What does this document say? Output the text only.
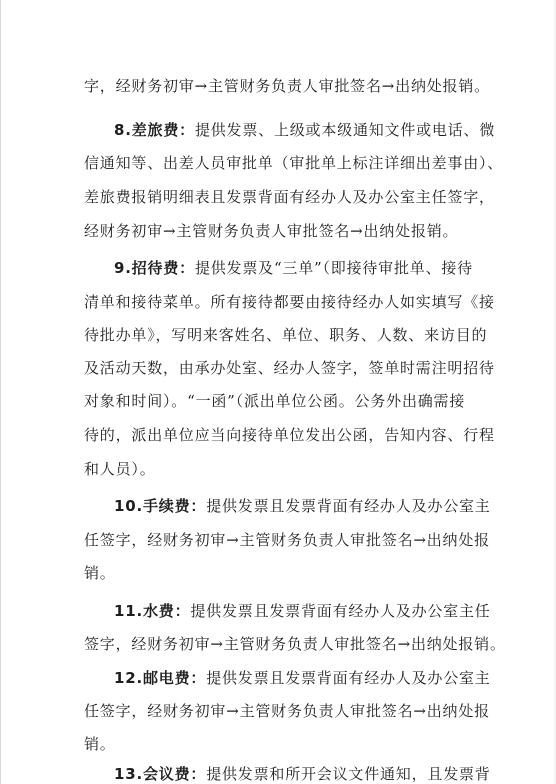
字，经财务初审→主管财务负责人审批签名→出纳处报销。
8.差旅费：提供发票、上级或本级通知文件或电话、微
信通知等、出差人员审批单（审批单上标注详细出差事由）、
差旅费报销明细表且发票背面有经办人及办公室主任签字，
经财务初审→主管财务负责人审批签名→出纳处报销。
9.招待费：提供发票及“三单”（即接待审批单、接待
清单和接待菜单。所有接待都要由接待经办人如实填写《接
待批办单》，写明来客姓名、单位、职务、人数、来访目的
及活动天数，由承办处室、经办人签字，签单时需注明招待
对象和时间）。“一函”（派出单位公函。公务外出确需接
待的，派出单位应当向接待单位发出公函，告知内容、行程
和人员）。
10.手续费：提供发票且发票背面有经办人及办公室主
任签字，经财务初审→主管财务负责人审批签名→出纳处报
销。
11.水费：提供发票且发票背面有经办人及办公室主任
签字，经财务初审→主管财务负责人审批签名→出纳处报销。
12.邮电费：提供发票且发票背面有经办人及办公室主
任签字，经财务初审→主管财务负责人审批签名→出纳处报
销。
13.会议费：提供发票和所开会议文件通知，且发票背
